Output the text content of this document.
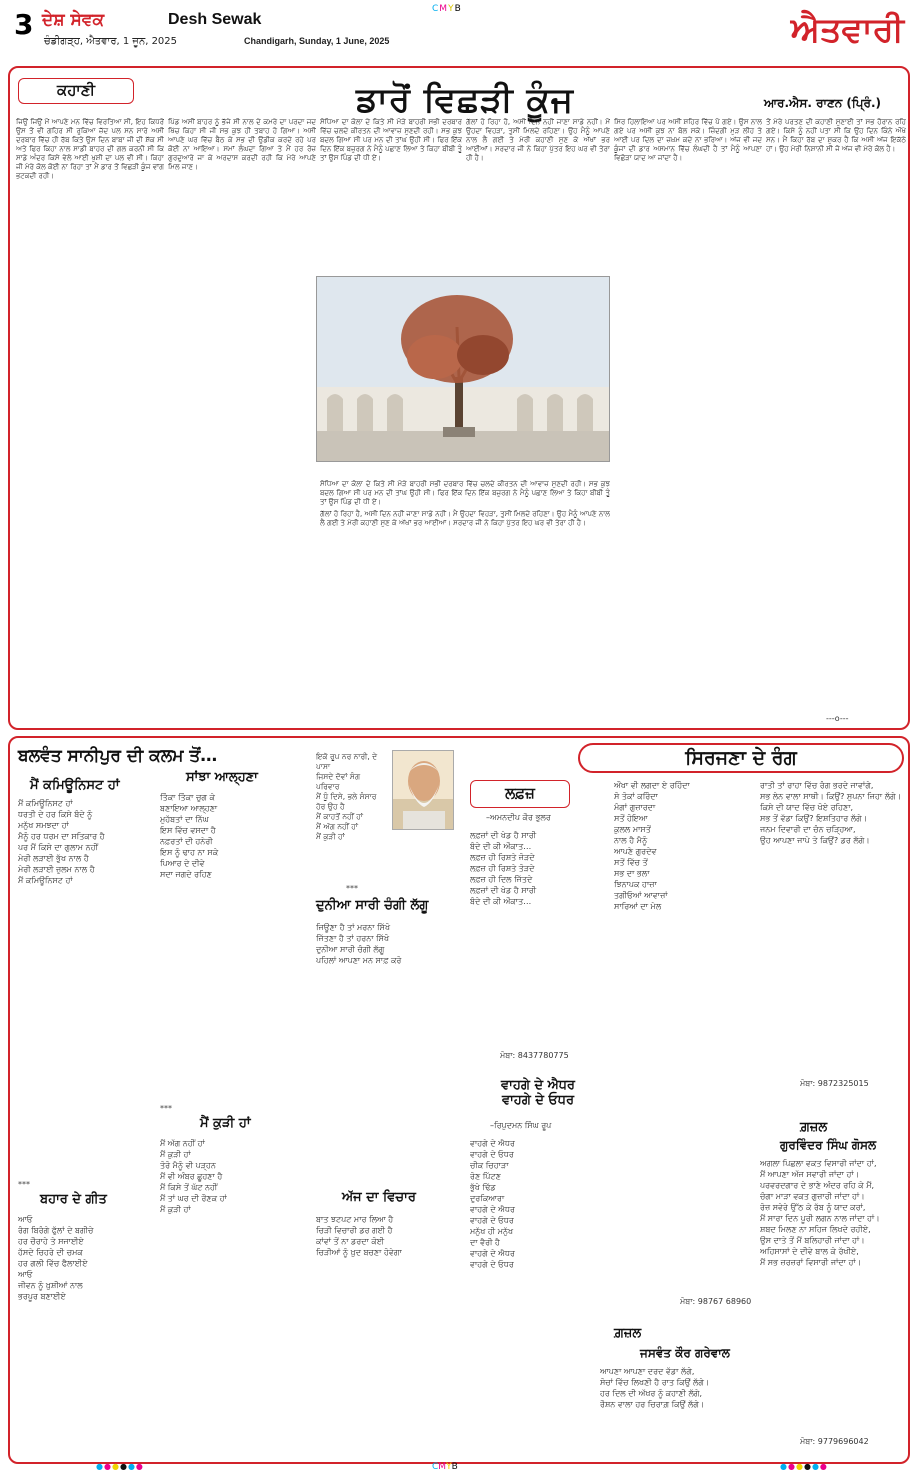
CMYB
3 ਦੇਸ਼ ਸੇਵਕ	Desh Sewak
ਚੰਡੀਗੜ੍ਹ, ਐਤਵਾਰ, 1 ਜੂਨ, 2025	Chandigarh, Sunday, 1 June, 2025	ਐਤਵਾਰੀ
ਕਹਾਣੀ	ਡਾਰੋਂ ਵਿਛੜੀ ਕੂੰਜ	ਆਰ.ਐਸ. ਰਾਣਨ (ਪ੍ਰਿੰ.)

ਜਿਉਂ ਜਿਉਂ ਮੈਂ ਆਪਣੇ ਮਨ ਵਿੱਚ ਵਿਰਤਿਆ ਸੀ, ਇਹ ਕਿਧਰੋਂ ਉਸ ਤੋਂ ਵੀ ਗਹਿਰ ਸੀ ਰੁਕਿਆ ਜ਼ੱਦ ਪਲ ਸਨ ਸਾਰੇ ਅਸੀਂ ਦਰਬਾਰ ਵਿੱਚ ਹੀ ਰੱਬ ਕਿਤੇ ਉਸ ਦਿਨ ਬਾਬਾ ਜੀ ਦੀ ਸ਼ੱਕ ਸੀ ਅਤੇ ਫਿਰ ਕਿਹਾ ਨਾਲ ਸਾਡੀ ਬਾਹਰ ਦੀ ਗਲ ਕਰਨੀ ਸੀ ਕਿ ਸਾਡੇ ਅੰਦਰ ਕਿਸੇ ਵੇਲੇ ਆਈ ਖੁਸ਼ੀ ਦਾ ਪਲ ਵੀ ਸੀ। ਕਿਹਾ ਜੀ ਮੇਰੇ ਕੋਲ ਕੋਈ ਨਾ ਰਿਹਾ ਤਾਂ ਮੈਂ ਡਾਰ ਤੋਂ ਵਿਛੜੀ ਕੂੰਜ ਵਾਂਗ ਭਟਕਦੀ ਰਹੀ।

ਪਿੰਡ ਅਸੀਂ ਬਾਹਰ ਨੂੰ ਭੱਜੇ ਸੀ ਨਾਲ ਦੇ ਕਮਰੇ ਦਾ ਪਰਦਾ ਜਦ ਖਿੱਚ ਕਿਹਾ ਸੀ ਜੀ ਸਭ ਕੁਝ ਹੀ ਤਬਾਹ ਹੋ ਗਿਆ। ਅਸੀਂ ਆਪਣੇ ਘਰ ਵਿੱਚ ਬੈਠ ਕੇ ਸਭ ਦੀ ਉਡੀਕ ਕਰਦੇ ਰਹੇ ਪਰ ਕੋਈ ਨਾ ਆਇਆ। ਸਮਾਂ ਲੰਘਦਾ ਗਿਆ ਤੇ ਮੈਂ ਹਰ ਰੋਜ਼ ਗੁਰਦੁਆਰੇ ਜਾ ਕੇ ਅਰਦਾਸ ਕਰਦੀ ਰਹੀ ਕਿ ਮੇਰੇ ਆਪਣੇ ਮਿਲ ਜਾਣ।

ਸੋਧਿਆ ਦਾ ਕੋਲਾ ਦੇ ਕਿਤੇ ਸੀ ਮੋੜੇ ਬਾਹਰੀ ਸਭੀ ਦਰਬਾਰ ਵਿੱਚ ਚਲਦੇ ਕੀਰਤਨ ਦੀ ਆਵਾਜ਼ ਸੁਣਦੀ ਰਹੀ। ਸਭ ਕੁਝ ਬਦਲ ਗਿਆ ਸੀ ਪਰ ਮਨ ਦੀ ਤਾਂਘ ਉਹੀ ਸੀ। ਫਿਰ ਇੱਕ ਦਿਨ ਇੱਕ ਬਜ਼ੁਰਗ ਨੇ ਮੈਨੂੰ ਪਛਾਣ ਲਿਆ ਤੇ ਕਿਹਾ ਬੀਬੀ ਤੂੰ ਤਾਂ ਉਸ ਪਿੰਡ ਦੀ ਧੀ ਏਂ।

ਗੱਲਾਂ ਹੋ ਰਿਹਾ ਹੈ, ਅਸੀਂ ਦਿਨ ਨਹੀਂ ਜਾਣਾ ਸਾਡੇ ਨਹੀਂ। ਮੈਂ ਉਹਦਾ ਵਿਹੜਾ, ਤੁਸੀਂ ਮਿਲਦੇ ਰਹਿਣਾ। ਉਹ ਮੈਨੂੰ ਆਪਣੇ ਨਾਲ ਲੈ ਗਈ ਤੇ ਮੇਰੀ ਕਹਾਣੀ ਸੁਣ ਕੇ ਅੱਖਾਂ ਭਰ ਆਈਆਂ। ਸਰਦਾਰ ਜੀ ਨੇ ਕਿਹਾ ਪੁੱਤਰ ਇਹ ਘਰ ਵੀ ਤੇਰਾ ਹੀ ਹੈ।

ਸਿਰ ਹਿਲਾਇਆ ਪਰ ਅਸੀਂ ਸ਼ਹਿਰ ਵਿੱਚ ਪੈ ਗਏ। ਉਸ ਨਾਲ ਗਏ ਪਰ ਅਸੀਂ ਕੁਝ ਨਾ ਬੋਲ ਸਕੇ। ਜ਼ਿੰਦਗੀ ਮੁੜ ਲੀਹ ਤੇ ਆਈ ਪਰ ਦਿਲ ਦਾ ਜ਼ਖ਼ਮ ਕਦੇ ਨਾ ਭਰਿਆ। ਅੱਜ ਵੀ ਜਦ ਕੂੰਜਾਂ ਦੀ ਡਾਰ ਅਸਮਾਨ ਵਿੱਚ ਲੰਘਦੀ ਹੈ ਤਾਂ ਮੈਨੂੰ ਆਪਣਾ ਵਿਛੋੜਾ ਯਾਦ ਆ ਜਾਂਦਾ ਹੈ।

ਤੋਂ ਮੇਰੇ ਪਰਤਣ ਦੀ ਕਹਾਣੀ ਸੁਣਾਈ ਤਾਂ ਸਭ ਹੈਰਾਨ ਰਹਿ ਗਏ। ਕਿਸੇ ਨੂੰ ਨਹੀਂ ਪਤਾ ਸੀ ਕਿ ਉਹ ਦਿਨ ਕਿੰਨੇ ਔਖੇ ਸਨ। ਮੈਂ ਕਿਹਾ ਰੱਬ ਦਾ ਸ਼ੁਕਰ ਹੈ ਕਿ ਅਸੀਂ ਅੱਜ ਇਕੱਠੇ ਹਾਂ। ਉਹ ਮੇਰੀ ਨਿਸ਼ਾਨੀ ਸੀ ਜੋ ਅੱਜ ਵੀ ਮੇਰੇ ਕੋਲ ਹੈ।

ਸੋਧਿਆ ਦਾ ਕੋਲਾ ਦੇ ਕਿਤੇ ਸੀ ਮੋੜੇ ਬਾਹਰੀ ਸਭੀ ਦਰਬਾਰ ਵਿੱਚ ਚਲਦੇ ਕੀਰਤਨ ਦੀ ਆਵਾਜ਼ ਸੁਣਦੀ ਰਹੀ। ਸਭ ਕੁਝ ਬਦਲ ਗਿਆ ਸੀ ਪਰ ਮਨ ਦੀ ਤਾਂਘ ਉਹੀ ਸੀ। ਫਿਰ ਇੱਕ ਦਿਨ ਇੱਕ ਬਜ਼ੁਰਗ ਨੇ ਮੈਨੂੰ ਪਛਾਣ ਲਿਆ ਤੇ ਕਿਹਾ ਬੀਬੀ ਤੂੰ ਤਾਂ ਉਸ ਪਿੰਡ ਦੀ ਧੀ ਏਂ।

ਗੱਲਾਂ ਹੋ ਰਿਹਾ ਹੈ, ਅਸੀਂ ਦਿਨ ਨਹੀਂ ਜਾਣਾ ਸਾਡੇ ਨਹੀਂ। ਮੈਂ ਉਹਦਾ ਵਿਹੜਾ, ਤੁਸੀਂ ਮਿਲਦੇ ਰਹਿਣਾ। ਉਹ ਮੈਨੂੰ ਆਪਣੇ ਨਾਲ ਲੈ ਗਈ ਤੇ ਮੇਰੀ ਕਹਾਣੀ ਸੁਣ ਕੇ ਅੱਖਾਂ ਭਰ ਆਈਆਂ। ਸਰਦਾਰ ਜੀ ਨੇ ਕਿਹਾ ਪੁੱਤਰ ਇਹ ਘਰ ਵੀ ਤੇਰਾ ਹੀ ਹੈ।

---o---
ਬਲਵੰਤ ਸਾਨੀਪੁਰ ਦੀ ਕਲਮ ਤੋਂ…	ਸਿਰਜਣਾ ਦੇ ਰੰਗ
ਮੈਂ ਕਮਿਊਨਿਸਟ ਹਾਂ
ਮੈਂ ਕਮਿਊਨਿਸਟ ਹਾਂ
ਧਰਤੀ ਦੇ ਹਰ ਕਿਸੇ ਬੰਦੇ ਨੂੰ
ਮਨੁੱਖ ਸਮਝਦਾ ਹਾਂ
ਮੈਨੂੰ ਹਰ ਧਰਮ ਦਾ ਸਤਿਕਾਰ ਹੈ
ਪਰ ਮੈਂ ਕਿਸੇ ਦਾ ਗੁਲਾਮ ਨਹੀਂ
ਮੇਰੀ ਲੜਾਈ ਭੁੱਖ ਨਾਲ ਹੈ
ਮੇਰੀ ਲੜਾਈ ਜ਼ੁਲਮ ਨਾਲ ਹੈ
ਮੈਂ ਕਮਿਊਨਿਸਟ ਹਾਂ
***
ਬਹਾਰ ਦੇ ਗੀਤ
ਆਓ
ਰੰਗ ਬਿਰੰਗੇ ਫੁੱਲਾਂ ਦੇ ਬਗੀਚੇ
ਹਰ ਚੌਰਾਹੇ ਤੇ ਸਜਾਈਏ
ਹੱਸਦੇ ਚਿਹਰੇ ਦੀ ਚਮਕ
ਹਰ ਗਲੀ ਵਿੱਚ ਫੈਲਾਈਏ
ਆਓ
ਜੀਵਨ ਨੂੰ ਖ਼ੁਸ਼ੀਆਂ ਨਾਲ
ਭਰਪੂਰ ਬਣਾਈਏ
ਸਾਂਝਾ ਆਲ੍ਹਣਾ
ਤਿੰਕਾ ਤਿੰਕਾ ਚੁਗ ਕੇ
ਬਣਾਇਆ ਆਲ੍ਹਣਾ
ਮੁਹੱਬਤਾਂ ਦਾ ਨਿੱਘ
ਇਸ ਵਿੱਚ ਵਸਦਾ ਹੈ
ਨਫ਼ਰਤਾਂ ਦੀ ਹਨੇਰੀ
ਇਸ ਨੂੰ ਢਾਹ ਨਾ ਸਕੇ
ਪਿਆਰ ਦੇ ਦੀਵੇ
ਸਦਾ ਜਗਦੇ ਰਹਿਣ
***
ਮੈਂ ਕੁੜੀ ਹਾਂ
ਮੈਂ ਅੱਗ ਨਹੀਂ ਹਾਂ
ਮੈਂ ਕੁੜੀ ਹਾਂ
ਤੋਰੋ ਮੈਨੂੰ ਵੀ ਪੜ੍ਹਨ
ਮੈਂ ਵੀ ਅੰਬਰ ਛੂਹਣਾ ਹੈ
ਮੈਂ ਕਿਸੇ ਤੋਂ ਘੱਟ ਨਹੀਂ
ਮੈਂ ਤਾਂ ਘਰ ਦੀ ਰੌਣਕ ਹਾਂ
ਮੈਂ ਕੁੜੀ ਹਾਂ
ਇਕੋ ਰੂਪ ਨਰ ਨਾਰੀ, ਦੇ
ਪਾਸਾ
ਜਿਸਦੇ ਦੋਵਾਂ ਸੰਗ
ਪਰਿਵਾਰ
ਮੈਂ ਧੂੰ ਦਿਸੇ, ਭਲੇ ਸੰਸਾਰ
ਹੋਰ ਉਹ ਹੈ
ਮੈਂ ਕਾਹਤੋਂ ਨਹੀਂ ਹਾਂ
ਮੈਂ ਅੱਗ ਨਹੀਂ ਹਾਂ
ਮੈਂ ਕੁੜੀ ਹਾਂ
***
ਦੁਨੀਆ ਸਾਰੀ ਚੰਗੀ ਲੱਗੂ
ਜਿਊਣਾ ਹੈ ਤਾਂ ਮਰਨਾ ਸਿੱਖੋ
ਜਿੱਤਣਾ ਹੈ ਤਾਂ ਹਰਨਾ ਸਿੱਖੋ
ਦੁਨੀਆ ਸਾਰੀ ਚੰਗੀ ਲੱਗੂ
ਪਹਿਲਾਂ ਆਪਣਾ ਮਨ ਸਾਫ਼ ਕਰੋ
ਅੱਜ ਦਾ ਵਿਚਾਰ
ਬਾਤ ਝਟਪਟ ਮਾਰ ਲਿਆ ਹੈ
ਚਿੜੀ ਵਿਚਾਰੀ ਡਰ ਗਈ ਹੈ
ਕਾਂਵਾਂ ਤੋਂ ਨਾ ਡਰਦਾ ਕੋਈ
ਚਿੜੀਆਂ ਨੂੰ ਖ਼ੁਦ ਬਚਣਾ ਹੋਵੇਗਾ
ਲਫ਼ਜ਼
–ਅਮਨਦੀਪ ਕੌਰ ਭੁਲਰ
ਲਫ਼ਜ਼ਾਂ ਦੀ ਖੇਡ ਹੈ ਸਾਰੀ
ਬੰਦੇ ਦੀ ਕੀ ਔਕਾਤ…
ਲਫ਼ਜ਼ ਹੀ ਰਿਸ਼ਤੇ ਜੋੜਦੇ
ਲਫ਼ਜ਼ ਹੀ ਰਿਸ਼ਤੇ ਤੋੜਦੇ
ਲਫ਼ਜ਼ ਹੀ ਦਿਲ ਜਿੱਤਦੇ
ਲਫ਼ਜ਼ਾਂ ਦੀ ਖੇਡ ਹੈ ਸਾਰੀ
ਬੰਦੇ ਦੀ ਕੀ ਔਕਾਤ…
ਮੋਬਾ: 8437780775
ਵਾਹਗੇ ਦੇ ਐਧਰ
ਵਾਹਗੇ ਦੇ ਓਧਰ
–ਰਿਪੁਦਮਨ ਸਿੰਘ ਰੂਪ
ਵਾਹਗੇ ਦੇ ਐਧਰ
ਵਾਹਗੇ ਦੇ ਓਧਰ
ਚੀਕ ਚਿਹਾੜਾ
ਰੋਣ ਪਿੱਟਣ
ਭੁੱਖੇ ਢਿੱਡ
ਦੁਰਕਿਆਰਾ
ਵਾਹਗੇ ਦੇ ਐਧਰ
ਵਾਹਗੇ ਦੇ ਓਧਰ
ਮਨੁੱਖ ਹੀ ਮਨੁੱਖ
ਦਾ ਵੈਰੀ ਹੈ
ਵਾਹਗੇ ਦੇ ਐਧਰ
ਵਾਹਗੇ ਦੇ ਓਧਰ
ਔਖਾ ਵੀ ਲਗਦਾ ਏ ਰਹਿੰਦਾ
ਸੋ ਤੋਕਾਂ ਕਰਿੰਦਾ
ਮੰਗਾਂ ਗੁਜ਼ਾਰਦਾ
ਸਤੋਂ ਹੋਇਆ
ਕੁਲਲ ਮਾਸਤੋਂ
ਨਾਲ ਹੈ ਮੈਨੂੰ
ਆਪਣੇ ਗੁਰਦੇਵ
ਸਤੋਂ ਵਿੱਚ ਤੋਂ
ਸਭ ਦਾ ਭਲਾ
ਝਿਨਾਪਕ ਹਾਜ਼ਾ
ਤਗੀਓਆਂ ਆਵਾਜ਼ਾਂ
ਸਾਰਿਆਂ ਦਾ ਮੇਲ
ਮੋਬਾ: 98767 68960
ਗ਼ਜ਼ਲ
ਜਸਵੰਤ ਕੌਰ ਗਰੇਵਾਲ
ਆਪਣਾ ਆਪਣਾ ਦਰਦ ਵੱਡਾ ਲੱਗੇ,
ਸੋਚਾਂ ਵਿੱਚ ਲਿਖਣੀ ਹੈ ਰਾਤ ਕਿਉਂ ਲੱਗੇ।
ਹਰ ਦਿਲ ਦੀ ਅੱਖਰ ਨੂੰ ਕਹਾਣੀ ਲੱਗੇ,
ਰੌਸ਼ਨ ਵਾਲਾ ਹਰ ਚਿਰਾਗ਼ ਕਿਉਂ ਲੱਗੇ।
ਰਾਤੀ ਤਾਂ ਰਾਹਾ ਵਿੱਚ ਰੰਗ ਭਰਦੇ ਜਾਵਾਂਗੇ,
ਸਭ ਲੇਨ ਵਾਲਾ ਸਾਥੀ। ਕਿਉਂ? ਸੁਪਨਾ ਜਿਹਾ ਲੱਗੇ।
ਕਿਸੇ ਦੀ ਯਾਦ ਵਿੱਚ ਖੋਏ ਰਹਿਣਾ,
ਸਭ ਤੋਂ ਵੱਡਾ ਕਿਉਂ? ਇਸ਼ਤਿਹਾਰ ਲੱਗੇ।
ਜਨਮ ਦਿਵਾਰੀ ਦਾ ਚੰਨ ਚੜ੍ਹਿਆ,
ਉਹ ਆਪਣਾ ਜਾਪੇ ਤੇ ਕਿਉਂ? ਡਰ ਲੱਗੇ।
ਮੋਬਾ: 9872325015
ਗ਼ਜ਼ਲ
ਗੁਰਵਿੰਦਰ ਸਿੰਘ ਗੋਸਲ
ਅਗਲਾ ਪਿਛਲਾ ਵਕਤ ਵਿਸਾਰੀ ਜਾਂਦਾ ਹਾਂ,
ਮੈਂ ਆਪਣਾ ਅੱਜ ਸਵਾਰੀ ਜਾਂਦਾ ਹਾਂ।
ਪਰਵਰਦਗਾਰ ਦੇ ਭਾਣੇ ਅੰਦਰ ਰਹਿ ਕੇ ਮੈਂ,
ਚੰਗਾ ਮਾੜਾ ਵਕਤ ਗੁਜ਼ਾਰੀ ਜਾਂਦਾ ਹਾਂ।
ਰੋਜ਼ ਸਵੇਰੇ ਉੱਠ ਕੇ ਰੱਬ ਨੂੰ ਯਾਦ ਕਰਾਂ,
ਮੈਂ ਸਾਰਾ ਦਿਨ ਪੂਰੀ ਲਗਨ ਨਾਲ ਜਾਂਦਾ ਹਾਂ।
ਸ਼ਬਦ ਮਿਲਣ ਨਾ ਸਹਿਜ ਲਿਖਦੇ ਰਹੀਏ,
ਉਸ ਦਾਤੇ ਤੋਂ ਮੈਂ ਬਲਿਹਾਰੀ ਜਾਂਦਾ ਹਾਂ।
ਅਹਿਸਾਸਾਂ ਦੇ ਦੀਵੇ ਬਾਲ ਕੇ ਰੱਖੀਏ,
ਮੈਂ ਸਭ ਜ਼ਰਜ਼ਰਾਂ ਵਿਸਾਰੀ ਜਾਂਦਾ ਹਾਂ।
ਮੋਬਾ: 9779696042
●●●●●●	CMYB	●●●●●●
